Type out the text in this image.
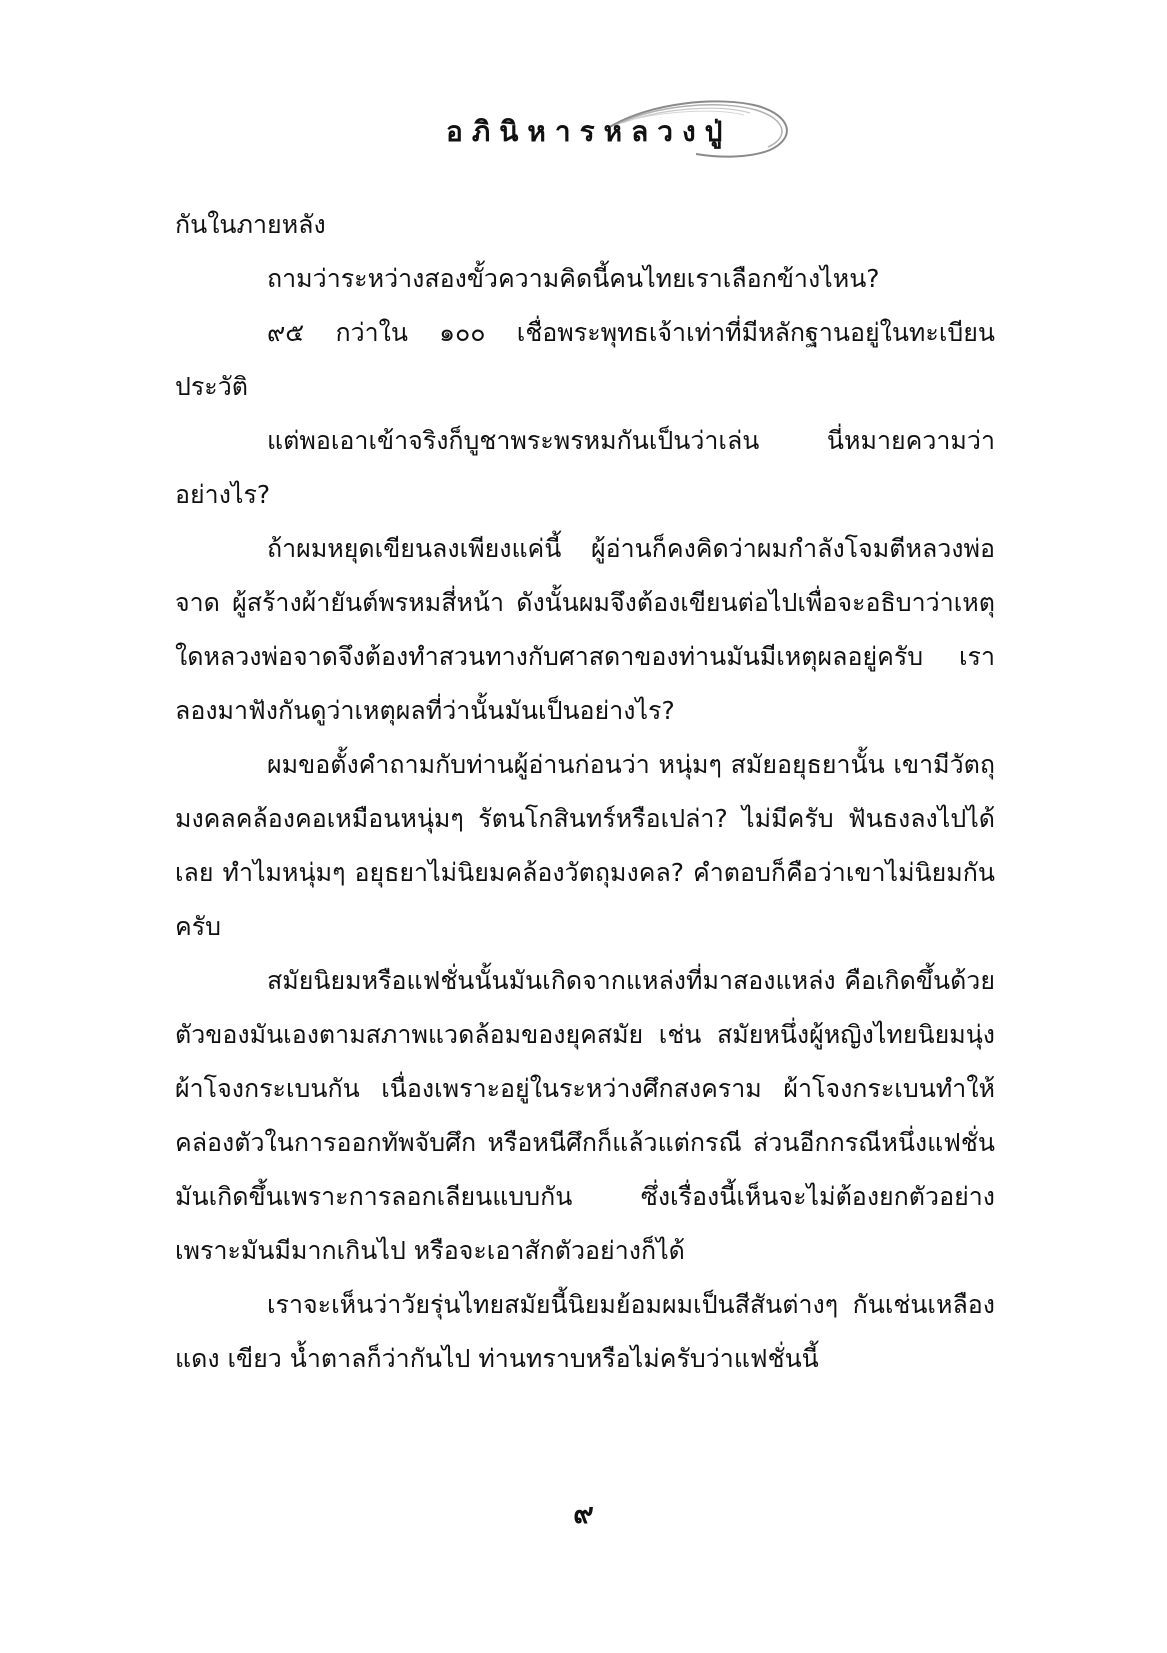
อภินิหารหลวงปู่

กันในภายหลัง

ถามว่าระหว่างสองขั้วความคิดนี้คนไทยเราเลือกข้างไหน?

๙๕ กว่าใน ๑๐๐ เชื่อพระพุทธเจ้าเท่าที่มีหลักฐานอยู่ในทะเบียนประวัติ

แต่พอเอาเข้าจริงก็บูชาพระพรหมกันเป็นว่าเล่น นี่หมายความว่าอย่างไร?

ถ้าผมหยุดเขียนลงเพียงแค่นี้ ผู้อ่านก็คงคิดว่าผมกำลังโจมตีหลวงพ่อจาด ผู้สร้างผ้ายันต์พรหมสี่หน้า ดังนั้นผมจึงต้องเขียนต่อไปเพื่อจะอธิบาว่าเหตุใดหลวงพ่อจาดจึงต้องทำสวนทางกับศาสดาของท่านมันมีเหตุผลอยู่ครับ เราลองมาฟังกันดูว่าเหตุผลที่ว่านั้นมันเป็นอย่างไร?

ผมขอตั้งคำถามกับท่านผู้อ่านก่อนว่า หนุ่มๆ สมัยอยุธยานั้น เขามีวัตถุมงคลคล้องคอเหมือนหนุ่มๆ รัตนโกสินทร์หรือเปล่า? ไม่มีครับ ฟันธงลงไปได้เลย ทำไมหนุ่มๆ อยุธยาไม่นิยมคล้องวัตถุมงคล? คำตอบก็คือว่าเขาไม่นิยมกันครับ

สมัยนิยมหรือแฟชั่นนั้นมันเกิดจากแหล่งที่มาสองแหล่ง คือเกิดขึ้นด้วยตัวของมันเองตามสภาพแวดล้อมของยุคสมัย เช่น สมัยหนึ่งผู้หญิงไทยนิยมนุ่งผ้าโจงกระเบนกัน เนื่องเพราะอยู่ในระหว่างศึกสงคราม ผ้าโจงกระเบนทำให้คล่องตัวในการออกทัพจับศึก หรือหนีศึกก็แล้วแต่กรณี ส่วนอีกกรณีหนึ่งแฟชั่นมันเกิดขึ้นเพราะการลอกเลียนแบบกัน ซึ่งเรื่องนี้เห็นจะไม่ต้องยกตัวอย่าง เพราะมันมีมากเกินไป หรือจะเอาสักตัวอย่างก็ได้

เราจะเห็นว่าวัยรุ่นไทยสมัยนี้นิยมย้อมผมเป็นสีสันต่างๆ กันเช่นเหลือง แดง เขียว น้ำตาลก็ว่ากันไป ท่านทราบหรือไม่ครับว่าแฟชั่นนี้

๙
